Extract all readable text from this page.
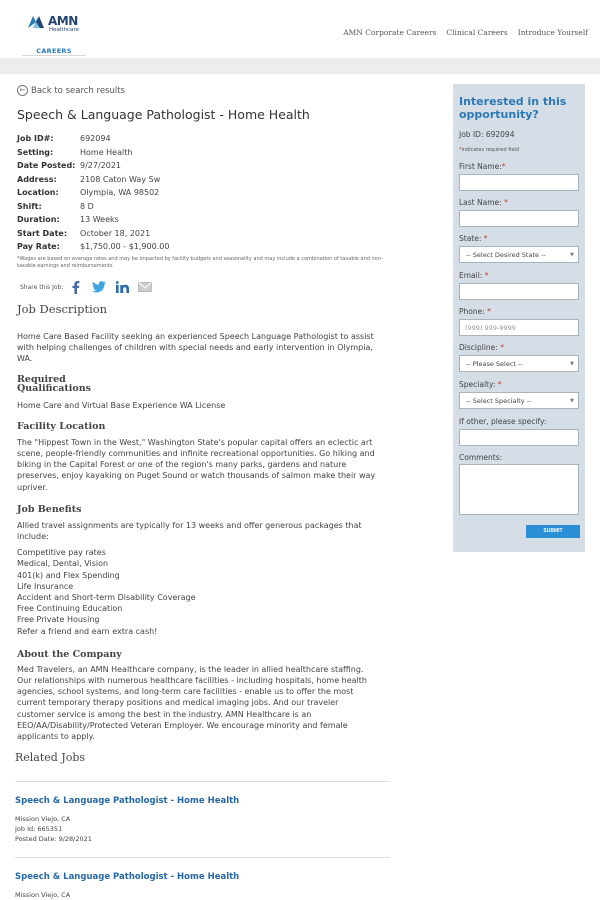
AMN
Healthcare
CAREERS
AMN Corporate Careers Clinical Careers Introduce Yourself
← Back to search results
Speech & Language Pathologist - Home Health
Job ID#:	692094
Setting:	Home Health
Date Posted: 9/27/2021
Address:	2108 Caton Way Sw
Location:	Olympia, WA 98502
Shift:	8 D
Duration:	13 Weeks
Start Date:	October 18, 2021
Pay Rate:	$1,750.00 - $1,900.00
*Wages are based on average rates and may be impacted by facility budgets and seasonality and may include a combination of taxable and non-taxable earnings and reimbursements.
Share this Job:
Job Description
Home Care Based Facility seeking an experienced Speech Language Pathologist to assist with helping challenges of children with special needs and early intervention in Olympia, WA.
Required
Qualifications
Home Care and Virtual Base Experience WA License
Facility Location
The "Hippest Town in the West," Washington State's popular capital offers an eclectic art scene, people-friendly communities and infinite recreational opportunities. Go hiking and biking in the Capital Forest or one of the region's many parks, gardens and nature preserves, enjoy kayaking on Puget Sound or watch thousands of salmon make their way upriver.
Job Benefits
Allied travel assignments are typically for 13 weeks and offer generous packages that include:
Competitive pay rates
Medical, Dental, Vision
401(k) and Flex Spending
Life Insurance
Accident and Short-term Disability Coverage
Free Continuing Education
Free Private Housing
Refer a friend and earn extra cash!
About the Company
Med Travelers, an AMN Healthcare company, is the leader in allied healthcare staffing. Our relationships with numerous healthcare facilities - including hospitals, home health agencies, school systems, and long-term care facilities - enable us to offer the most current temporary therapy positions and medical imaging jobs. And our traveler customer service is among the best in the industry. AMN Healthcare is an EEO/AA/Disability/Protected Veteran Employer. We encourage minority and female applicants to apply.
Interested in this opportunity?
Job ID: 692094
*indicates required field
First Name:*
Last Name: *
State: *
-- Select Desired State --	▼
Email: *
Phone: *
(999) 999-9999
Discipline: *
-- Please Select --	▼
Specialty: *
-- Select Specialty --	▼
If other, please specify:
Comments:
SUBMIT
Related Jobs
Speech & Language Pathologist - Home Health
Mission Viejo, CA
Job Id: 665351
Posted Date: 9/28/2021
Speech & Language Pathologist - Home Health
Mission Viejo, CA
